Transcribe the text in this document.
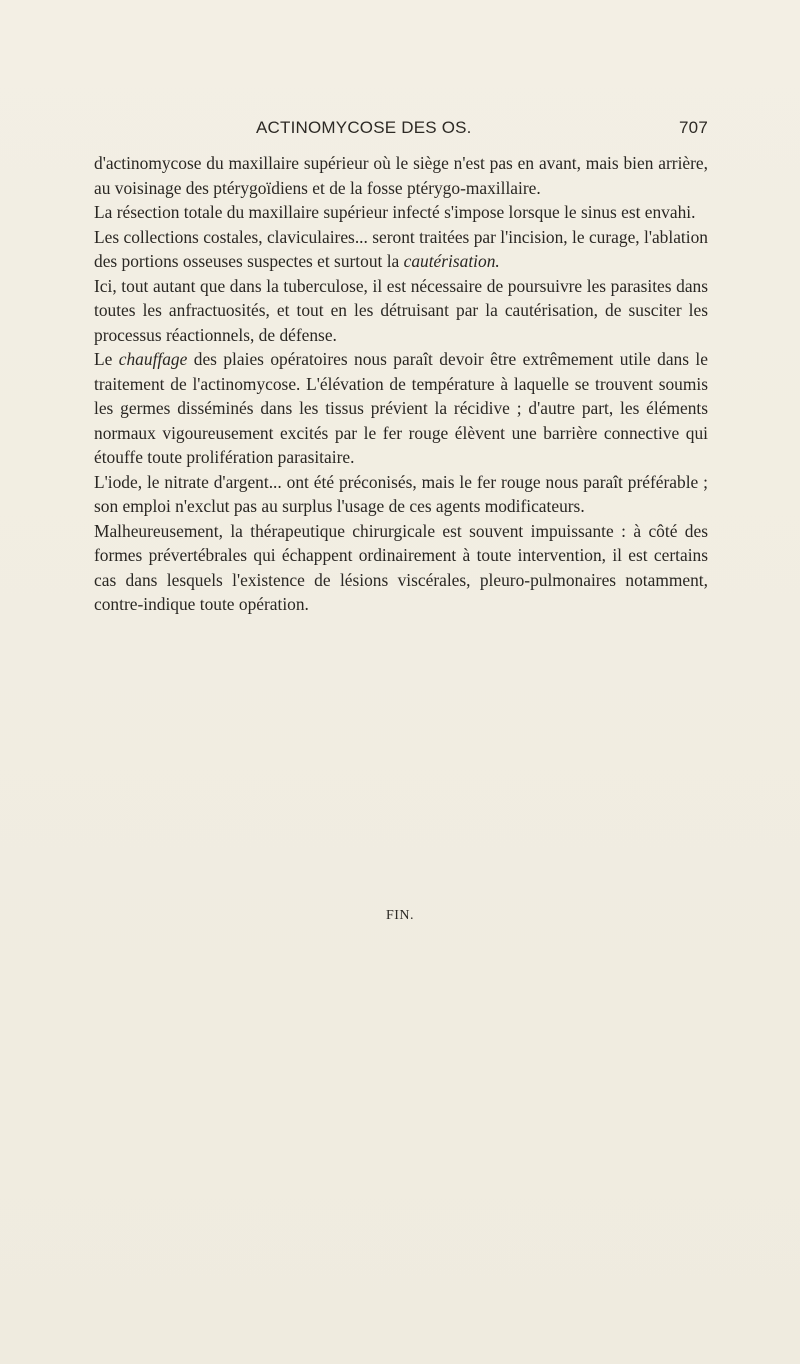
ACTINOMYCOSE DES OS.	707

d'actinomycose du maxillaire supérieur où le siège n'est pas en avant, mais bien arrière, au voisinage des ptérygoïdiens et de la fosse ptérygo-maxillaire.

La résection totale du maxillaire supérieur infecté s'impose lorsque le sinus est envahi.

Les collections costales, claviculaires... seront traitées par l'incision, le curage, l'ablation des portions osseuses suspectes et surtout la cautérisation.

Ici, tout autant que dans la tuberculose, il est nécessaire de poursuivre les parasites dans toutes les anfractuosités, et tout en les détruisant par la cautérisation, de susciter les processus réactionnels, de défense.

Le chauffage des plaies opératoires nous paraît devoir être extrêmement utile dans le traitement de l'actinomycose. L'élévation de température à laquelle se trouvent soumis les germes disséminés dans les tissus prévient la récidive ; d'autre part, les éléments normaux vigoureusement excités par le fer rouge élèvent une barrière connective qui étouffe toute prolifération parasitaire.

L'iode, le nitrate d'argent... ont été préconisés, mais le fer rouge nous paraît préférable ; son emploi n'exclut pas au surplus l'usage de ces agents modificateurs.

Malheureusement, la thérapeutique chirurgicale est souvent impuissante : à côté des formes prévertébrales qui échappent ordinairement à toute intervention, il est certains cas dans lesquels l'existence de lésions viscérales, pleuro-pulmonaires notamment, contre-indique toute opération.

FIN.
